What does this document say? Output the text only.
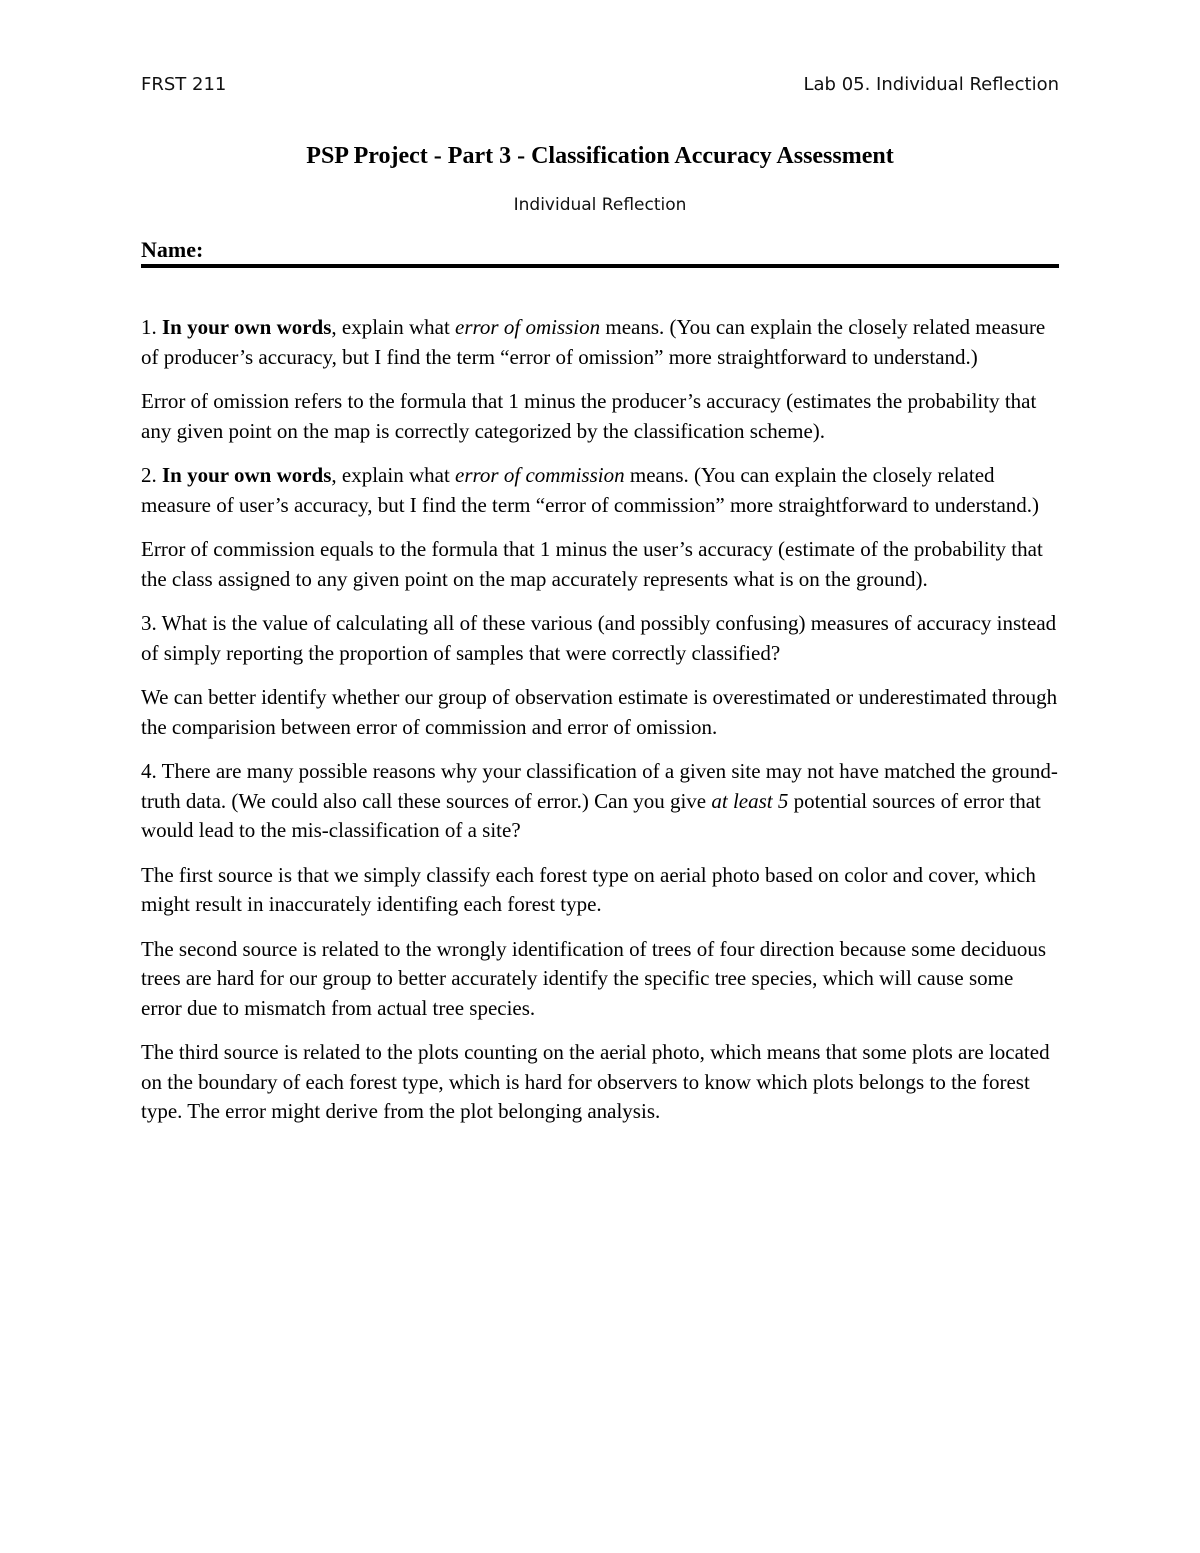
FRST 211	Lab 05. Individual Reflection
PSP Project - Part 3 - Classification Accuracy Assessment
Individual Reflection
Name:

1. In your own words, explain what error of omission means. (You can explain the closely related measure of producer’s accuracy, but I find the term “error of omission” more straightforward to understand.)

Error of omission refers to the formula that 1 minus the producer’s accuracy (estimates the probability that any given point on the map is correctly categorized by the classification scheme).

2. In your own words, explain what error of commission means. (You can explain the closely related measure of user’s accuracy, but I find the term “error of commission” more straightforward to understand.)

Error of commission equals to the formula that 1 minus the user’s accuracy (estimate of the probability that the class assigned to any given point on the map accurately represents what is on the ground).

3. What is the value of calculating all of these various (and possibly confusing) measures of accuracy instead of simply reporting the proportion of samples that were correctly classified?

We can better identify whether our group of observation estimate is overestimated or underestimated through the comparision between error of commission and error of omission.

4. There are many possible reasons why your classification of a given site may not have matched the ground-truth data. (We could also call these sources of error.) Can you give at least 5 potential sources of error that would lead to the mis-classification of a site?

The first source is that we simply classify each forest type on aerial photo based on color and cover, which might result in inaccurately identifing each forest type.

The second source is related to the wrongly identification of trees of four direction because some deciduous trees are hard for our group to better accurately identify the specific tree species, which will cause some error due to mismatch from actual tree species.

The third source is related to the plots counting on the aerial photo, which means that some plots are located on the boundary of each forest type, which is hard for observers to know which plots belongs to the forest type. The error might derive from the plot belonging analysis.
